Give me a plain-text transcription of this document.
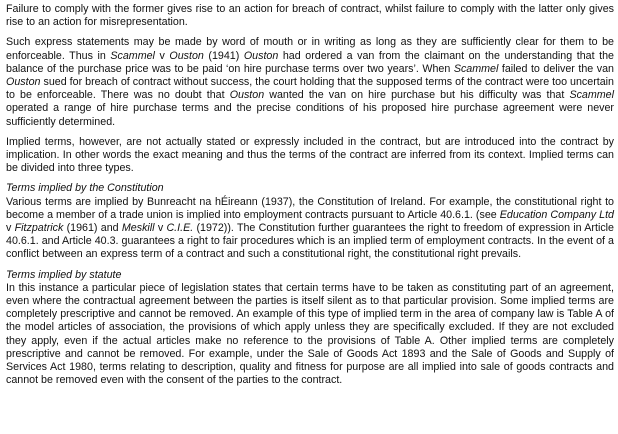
Failure to comply with the former gives rise to an action for breach of contract, whilst failure to comply with the latter only gives rise to an action for misrepresentation.

Such express statements may be made by word of mouth or in writing as long as they are sufficiently clear for them to be enforceable. Thus in Scammel v Ouston (1941) Ouston had ordered a van from the claimant on the understanding that the balance of the purchase price was to be paid ‘on hire purchase terms over two years’. When Scammel failed to deliver the van Ouston sued for breach of contract without success, the court holding that the supposed terms of the contract were too uncertain to be enforceable. There was no doubt that Ouston wanted the van on hire purchase but his difficulty was that Scammel operated a range of hire purchase terms and the precise conditions of his proposed hire purchase agreement were never sufficiently determined.

Implied terms, however, are not actually stated or expressly included in the contract, but are introduced into the contract by implication. In other words the exact meaning and thus the terms of the contract are inferred from its context. Implied terms can be divided into three types.

Terms implied by the Constitution

Various terms are implied by Bunreacht na hÉireann (1937), the Constitution of Ireland. For example, the constitutional right to become a member of a trade union is implied into employment contracts pursuant to Article 40.6.1. (see Education Company Ltd v Fitzpatrick (1961) and Meskill v C.I.E. (1972)). The Constitution further guarantees the right to freedom of expression in Article 40.6.1. and Article 40.3. guarantees a right to fair procedures which is an implied term of employment contracts. In the event of a conflict between an express term of a contract and such a constitutional right, the constitutional right prevails.

Terms implied by statute

In this instance a particular piece of legislation states that certain terms have to be taken as constituting part of an agreement, even where the contractual agreement between the parties is itself silent as to that particular provision. Some implied terms are completely prescriptive and cannot be removed. An example of this type of implied term in the area of company law is Table A of the model articles of association, the provisions of which apply unless they are specifically excluded. If they are not excluded they apply, even if the actual articles make no reference to the provisions of Table A. Other implied terms are completely prescriptive and cannot be removed. For example, under the Sale of Goods Act 1893 and the Sale of Goods and Supply of Services Act 1980, terms relating to description, quality and fitness for purpose are all implied into sale of goods contracts and cannot be removed even with the consent of the parties to the contract.
